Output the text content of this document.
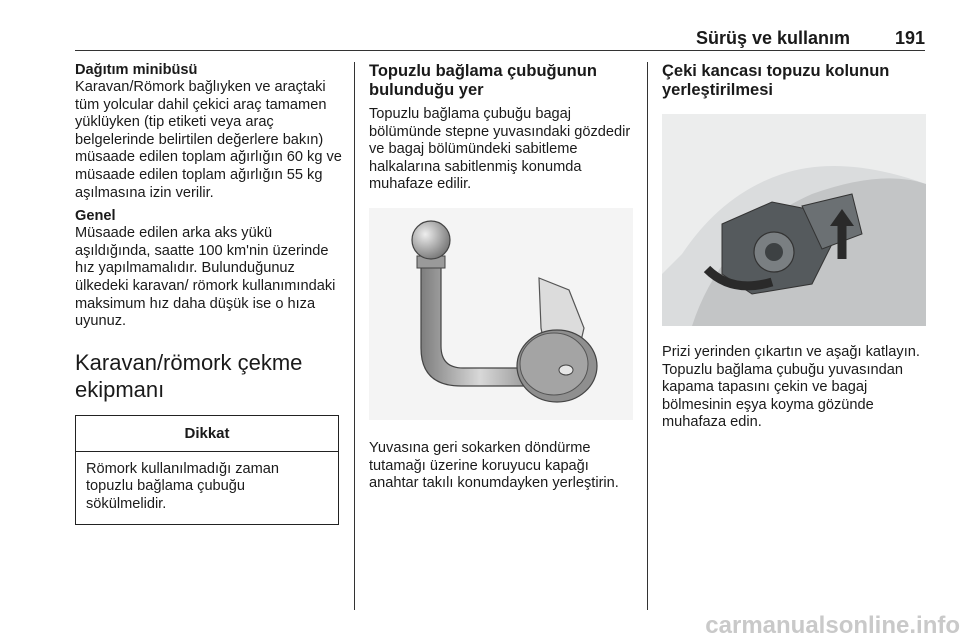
Sürüş ve kullanım 191
Dağıtım minibüsü

Karavan/Römork bağlıyken ve araçtaki tüm yolcular dahil çekici araç tamamen yüklüyken (tip etiketi veya araç belgelerinde belirtilen değerlere bakın) müsaade edilen toplam ağırlığın 60 kg ve müsaade edilen toplam ağırlığın 55 kg aşılmasına izin verilir.

Genel

Müsaade edilen arka aks yükü aşıldığında, saatte 100 km'nin üzerinde hız yapılmamalıdır. Bulunduğunuz ülkedeki karavan/ römork kullanımındaki maksimum hız daha düşük ise o hıza uyunuz.

Karavan/römork çekme ekipmanı
Dikkat
Römork kullanılmadığı zaman topuzlu bağlama çubuğu sökülmelidir.
Topuzlu bağlama çubuğunun bulunduğu yer

Topuzlu bağlama çubuğu bagaj bölümünde stepne yuvasındaki gözdedir ve bagaj bölümündeki sabitleme halkalarına sabitlenmiş konumda muhafaze edilir.

Yuvasına geri sokarken döndürme tutamağı üzerine koruyucu kapağı anahtar takılı konumdayken yerleştirin.

Çeki kancası topuzu kolunun yerleştirilmesi

Prizi yerinden çıkartın ve aşağı katlayın. Topuzlu bağlama çubuğu yuvasından kapama tapasını çekin ve bagaj bölmesinin eşya koyma gözünde muhafaza edin.

carmanualsonline.info
